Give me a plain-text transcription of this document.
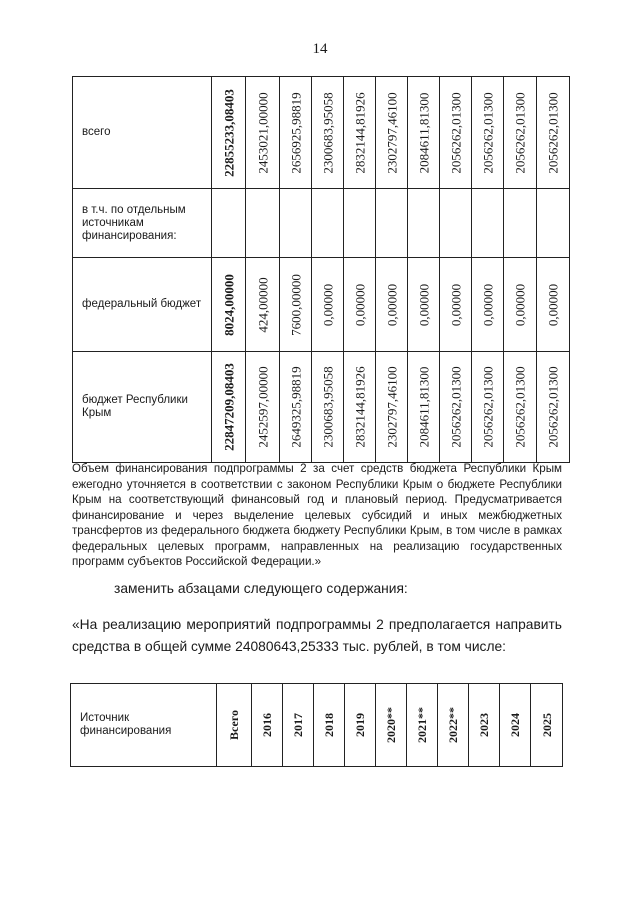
14
всего	22855233,08403	2453021,00000	2656925,98819	2300683,95058	2832144,81926	2302797,46100	2084611,81300	2056262,01300	2056262,01300	2056262,01300	2056262,01300

в т.ч. по отдельным источникам финансирования:	

федеральный бюджет	8024,00000	424,00000	7600,00000	0,00000	0,00000	0,00000	0,00000	0,00000	0,00000	0,00000	0,00000

бюджет Республики Крым	22847209,08403	2452597,00000	2649325,98819	2300683,95058	2832144,81926	2302797,46100	2084611,81300	2056262,01300	2056262,01300	2056262,01300	2056262,01300

Объем финансирования подпрограммы 2 за счет средств бюджета Республики Крым ежегодно уточняется в соответствии с законом Республики Крым о бюджете Республики Крым на соответствующий финансовый год и плановый период. Предусматривается финансирование и через выделение целевых субсидий и иных межбюджетных трансфертов из федерального бюджета бюджету Республики Крым, в том числе в рамках федеральных целевых программ, направленных на реализацию государственных программ субъектов Российской Федерации.»

заменить абзацами следующего содержания:

«На реализацию мероприятий подпрограммы 2 предполагается направить средства в общей сумме 24080643,25333 тыс. рублей, в том числе:

Источник финансирования	Всего	2016	2017	2018	2019	2020**	2021**	2022**	2023	2024	2025
